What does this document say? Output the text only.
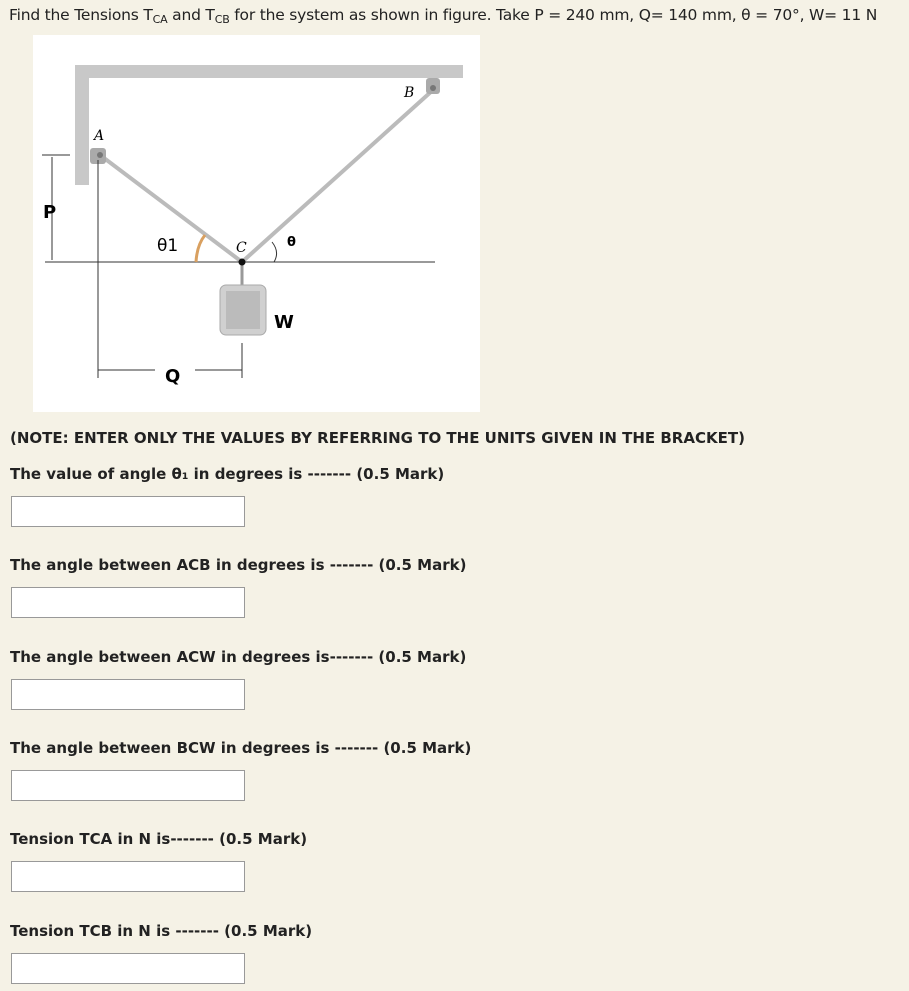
Find the Tensions $T_{CA}$ and $T_{CB}$ for the system as shown in figure. Take P = 240 mm, Q= 140 mm, θ = 70°, W= 11 N
A
B
C
P
Q
W
θ1	θ
(NOTE: ENTER ONLY THE VALUES BY REFERRING TO THE UNITS GIVEN IN THE BRACKET)
The value of angle θ₁ in degrees is ------- (0.5 Mark)
The angle between ACB in degrees is ------- (0.5 Mark)
The angle between ACW in degrees is------- (0.5 Mark)
The angle between BCW in degrees is ------- (0.5 Mark)
Tension TCA in N is------- (0.5 Mark)
Tension TCB in N is ------- (0.5 Mark)
